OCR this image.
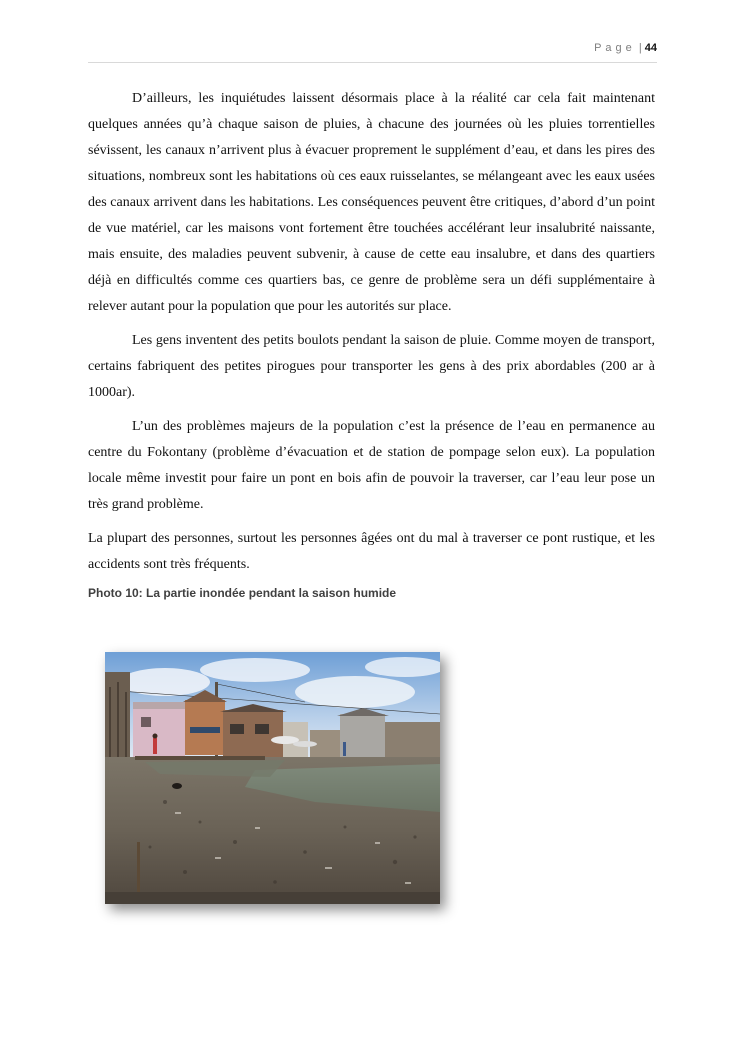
Page | 44

D’ailleurs, les inquiétudes laissent désormais place à la réalité car cela fait maintenant quelques années qu’à chaque saison de pluies, à chacune des journées où les pluies torrentielles sévissent, les canaux n’arrivent plus à évacuer proprement le supplément d’eau, et dans les pires des situations, nombreux sont les habitations où ces eaux ruisselantes, se mélangeant avec les eaux usées des canaux arrivent dans les habitations. Les conséquences peuvent être critiques, d’abord d’un point de vue matériel, car les maisons vont fortement être touchées accélérant leur insalubrité naissante, mais ensuite, des maladies peuvent subvenir, à cause de cette eau insalubre, et dans des quartiers déjà en difficultés comme ces quartiers bas, ce genre de problème sera un défi supplémentaire à relever autant pour la population que pour les autorités sur place.

Les gens inventent des petits boulots pendant la saison de pluie. Comme moyen de transport, certains fabriquent des petites pirogues pour transporter les gens à des prix abordables (200 ar à 1000ar).

L’un des problèmes majeurs de la population c’est la présence de l’eau en permanence au centre du Fokontany (problème d’évacuation et de station de pompage selon eux). La population locale même investit pour faire un pont en bois afin de pouvoir la traverser, car l’eau leur pose un très grand problème.

La plupart des personnes, surtout les personnes âgées ont du mal à traverser ce pont rustique, et les accidents sont très fréquents.

Photo 10: La partie inondée pendant la saison humide
